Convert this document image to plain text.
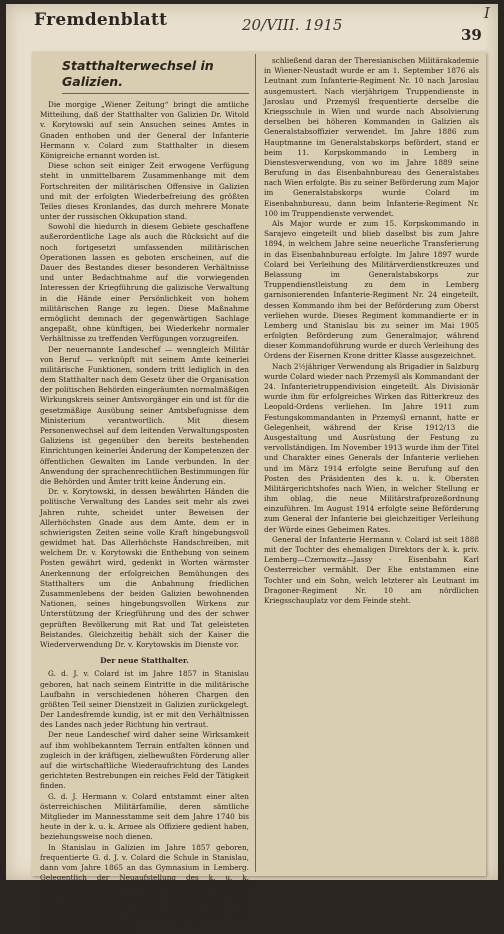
Fremdenblatt	20/VIII. 1915
39
I
Statthalterwechsel in Galizien.

Die morgige „Wiener Zeitung“ bringt die amtliche Mitteilung, daß der Statthalter von Galizien Dr. Witold v. Korytowski auf sein Ansuchen seines Amtes in Gnaden enthoben und der General der Infanterie Hermann v. Colard zum Statthalter in diesem Königreiche ernannt worden ist.

Diese schon seit einiger Zeit erwogene Verfügung steht in unmittelbarem Zusammenhange mit dem Fortschreiten der militärischen Offensive in Galizien und mit der erfolgten Wiederbefreiung des größten Teiles dieses Kronlandes, das durch mehrere Monate unter der russischen Okkupation stand.

Sowohl die hiedurch in diesem Gebiete geschaffene außerordentliche Lage als auch die Rücksicht auf die noch fortgesetzt umfassenden militärischen Operationen lassen es geboten erscheinen, auf die Dauer des Bestandes dieser besonderen Verhältnisse und unter Bedachtnahme auf die vorwiegenden Interessen der Kriegführung die galizische Verwaltung in die Hände einer Persönlichkeit von hohem militärischen Range zu legen. Diese Maßnahme ermöglicht demnach der gegenwärtigen Sachlage angepaßt, ohne künftigen, bei Wiederkehr normaler Verhältnisse zu treffenden Verfügungen vorzugreifen.

Der neuernannte Landeschef — wenngleich Militär von Beruf — verknüpft mit seinem Amte keinerlei militärische Funktionen, sondern tritt lediglich in den dem Statthalter nach dem Gesetz über die Organisation der politischen Behörden eingeräumten normalmäßigen Wirkungskreis seiner Amtsvorgänger ein und ist für die gesetzmäßige Ausübung seiner Amtsbefugnisse dem Ministerium verantwortlich. Mit diesem Personenwechsel auf dem leitenden Verwaltungsposten Galiziens ist gegenüber den bereits bestehenden Einrichtungen keinerlei Änderung der Kompetenzen der öffentlichen Gewalten im Lande verbunden. In der Anwendung der sprachenrechtlichen Bestimmungen für die Behörden und Ämter tritt keine Änderung ein.

Dr. v. Korytowski, in dessen bewährten Händen die politische Verwaltung des Landes seit mehr als zwei Jahren ruhte, scheidet unter Beweisen der Allerhöchsten Gnade aus dem Amte, dem er in schwierigsten Zeiten seine volle Kraft hingebungsvoll gewidmet hat. Das Allerhöchste Handschreiben, mit welchem Dr. v. Korytowski die Enthebung von seinem Posten gewährt wird, gedenkt in Worten wärmster Anerkennung der erfolgreichen Bemühungen des Statthalters um die Anbahnung friedlichen Zusammenlebens der beiden Galizien bewohnenden Nationen, seines hingebungsvollen Wirkens zur Unterstützung der Kriegführung und des der schwer geprüften Bevölkerung mit Rat und Tat geleisteten Beistandes. Gleichzeitig behält sich der Kaiser die Wiederverwendung Dr. v. Korytowskis im Dienste vor.

Der neue Statthalter.

G. d. J. v. Colard ist im Jahre 1857 in Stanislau geboren, hat nach seinem Eintritte in die militärische Laufbahn in verschiedenen höheren Chargen den größten Teil seiner Dienstzeit in Galizien zurückgelegt. Der Landesfremde kundig, ist er mit den Verhältnissen des Landes nach jeder Richtung hin vertraut.

Der neue Landeschef wird daher seine Wirksamkeit auf ihm wohlbekanntem Terrain entfalten können und zugleich in der kräftigen, zielbewußten Förderung aller auf die wirtschaftliche Wiederaufrichtung des Landes gerichteten Bestrebungen ein reiches Feld der Tätigkeit finden.

G. d. J. Hermann v. Colard entstammt einer alten österreichischen Militärfamilie, deren sämtliche Mitglieder im Mannesstamme seit dem Jahre 1740 bis heute in der k. u. k. Armee als Offiziere gedient haben, beziehungsweise noch dienen.

In Stanislau in Galizien im Jahre 1857 geboren, frequentierte G. d. J. v. Colard die Schule in Stanislau, dann vom Jahre 1865 an das Gymnasium in Lemberg. Gelegentlich der Neuaufstellung des k. u. k. Militärkollegiums in St. Pölten trat Colard im Jahre 1870 aus dem Obergymnasium in Lemberg in diese Militärbildungsanstalt und hiemit in die Militärerziehung über. Nach Absolvierung des k. u. k. Militärkollegiums und an

schließend daran der Theresianischen Militärakademie in Wiener-Neustadt wurde er am 1. September 1876 als Leutnant zum Infanterie-Regiment Nr. 10 nach Jaroslau ausgemustert. Nach vierjährigem Truppendienste in Jaroslau und Przemyśl frequentierte derselbe die Kriegsschule in Wien und wurde nach Absolvierung derselben bei höheren Kommanden in Galizien als Generalstabsoffizier verwendet. Im Jahre 1886 zum Hauptmanne im Generalstabskorps befördert, stand er beim 11. Korpskommando in Lemberg in Dienstesverwendung, von wo im Jahre 1889 seine Berufung in das Eisenbahnbureau des Generalstabes nach Wien erfolgte. Bis zu seiner Beförderung zum Major im Generalstabskorps wurde Colard im Eisenbahnbureau, dann beim Infanterie-Regiment Nr. 100 im Truppendienste verwendet.

Als Major wurde er zum 15. Korpskommando in Sarajevo eingeteilt und blieb daselbst bis zum Jahre 1894, in welchem Jahre seine neuerliche Transferierung in das Eisenbahnbureau erfolgte. Im Jahre 1897 wurde Colard bei Verleihung des Militärverdienstkreuzes und Belassung im Generalstabskorps zur Truppendienstleistung zu dem in Lemberg garnisonierenden Infanterie-Regiment Nr. 24 eingeteilt, dessen Kommando ihm bei der Beförderung zum Oberst verliehen wurde. Dieses Regiment kommandierte er in Lemberg und Stanislau bis zu seiner im Mai 1905 erfolgten Beförderung zum Generalmajor, während dieser Kommandoführung wurde er durch Verleihung des Ordens der Eisernen Krone dritter Klasse ausgezeichnet.

Nach 2½jähriger Verwendung als Brigadier in Salzburg wurde Colard wieder nach Przemyśl als Kommandant der 24. Infanterietruppendivision eingeteilt. Als Divisionär wurde ihm für erfolgreiches Wirken das Ritterkreuz des Leopold-Ordens verliehen. Im Jahre 1911 zum Festungskommandanten in Przemyśl ernannt, hatte er Gelegenheit, während der Krise 1912/13 die Ausgestaltung und Ausrüstung der Festung zu vervollständigen. Im November 1913 wurde ihm der Titel und Charakter eines Generals der Infanterie verliehen und im März 1914 erfolgte seine Berufung auf den Posten des Präsidenten des k. u. k. Obersten Militärgerichtshofes nach Wien, in welcher Stellung er ihm oblag, die neue Militärstrafprozeßordnung einzuführen. Im August 1914 erfolgte seine Beförderung zum General der Infanterie bei gleichzeitiger Verleihung der Würde eines Geheimen Rates.

General der Infanterie Hermann v. Colard ist seit 1888 mit der Tochter des ehemaligen Direktors der k. k. priv. Lemberg—Czernowitz—Jassy - Eisenbahn Karl Oesterreicher vermählt. Der Ehe entstammen eine Tochter und ein Sohn, welch letzterer als Leutnant im Dragoner-Regiment Nr. 10 am nördlichen Kriegsschauplatz vor dem Feinde steht.
